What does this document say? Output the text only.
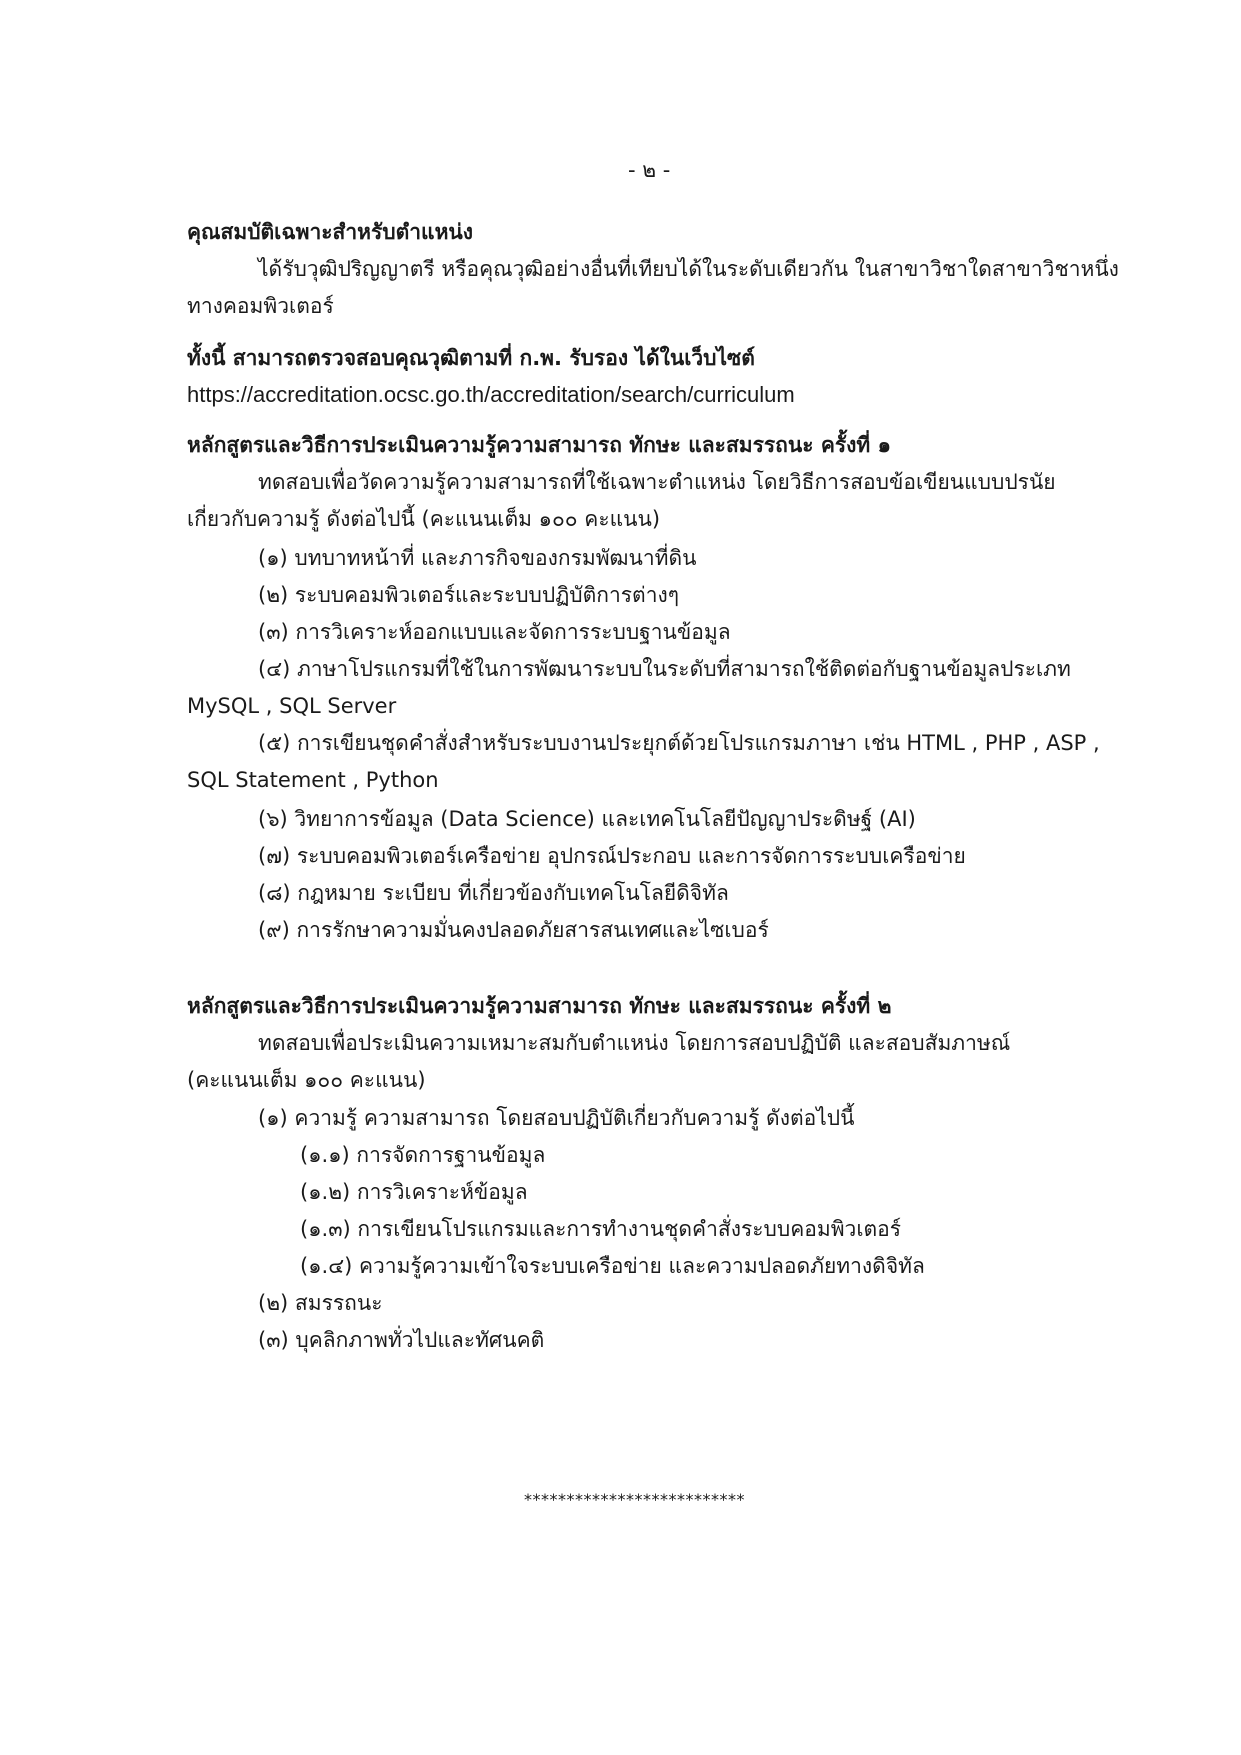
- ๒ -
คุณสมบัติเฉพาะสำหรับตำแหน่ง
ได้รับวุฒิปริญญาตรี หรือคุณวุฒิอย่างอื่นที่เทียบได้ในระดับเดียวกัน ในสาขาวิชาใดสาขาวิชาหนึ่ง
ทางคอมพิวเตอร์
ทั้งนี้ สามารถตรวจสอบคุณวุฒิตามที่ ก.พ. รับรอง ได้ในเว็บไซต์
https://accreditation.ocsc.go.th/accreditation/search/curriculum
หลักสูตรและวิธีการประเมินความรู้ความสามารถ ทักษะ และสมรรถนะ ครั้งที่ ๑
ทดสอบเพื่อวัดความรู้ความสามารถที่ใช้เฉพาะตำแหน่ง โดยวิธีการสอบข้อเขียนแบบปรนัย
เกี่ยวกับความรู้ ดังต่อไปนี้ (คะแนนเต็ม ๑๐๐ คะแนน)
(๑) บทบาทหน้าที่ และภารกิจของกรมพัฒนาที่ดิน
(๒) ระบบคอมพิวเตอร์และระบบปฏิบัติการต่างๆ
(๓) การวิเคราะห์ออกแบบและจัดการระบบฐานข้อมูล
(๔) ภาษาโปรแกรมที่ใช้ในการพัฒนาระบบในระดับที่สามารถใช้ติดต่อกับฐานข้อมูลประเภท
MySQL , SQL Server
(๕) การเขียนชุดคำสั่งสำหรับระบบงานประยุกต์ด้วยโปรแกรมภาษา เช่น HTML , PHP , ASP ,
SQL Statement , Python
(๖) วิทยาการข้อมูล (Data Science) และเทคโนโลยีปัญญาประดิษฐ์ (AI)
(๗) ระบบคอมพิวเตอร์เครือข่าย อุปกรณ์ประกอบ และการจัดการระบบเครือข่าย
(๘) กฎหมาย ระเบียบ ที่เกี่ยวข้องกับเทคโนโลยีดิจิทัล
(๙) การรักษาความมั่นคงปลอดภัยสารสนเทศและไซเบอร์
หลักสูตรและวิธีการประเมินความรู้ความสามารถ ทักษะ และสมรรถนะ ครั้งที่ ๒
ทดสอบเพื่อประเมินความเหมาะสมกับตำแหน่ง โดยการสอบปฏิบัติ และสอบสัมภาษณ์
(คะแนนเต็ม ๑๐๐ คะแนน)
(๑) ความรู้ ความสามารถ โดยสอบปฏิบัติเกี่ยวกับความรู้ ดังต่อไปนี้
(๑.๑) การจัดการฐานข้อมูล
(๑.๒) การวิเคราะห์ข้อมูล
(๑.๓) การเขียนโปรแกรมและการทำงานชุดคำสั่งระบบคอมพิวเตอร์
(๑.๔) ความรู้ความเข้าใจระบบเครือข่าย และความปลอดภัยทางดิจิทัล
(๒) สมรรถนะ
(๓) บุคลิกภาพทั่วไปและทัศนคติ
**************************
